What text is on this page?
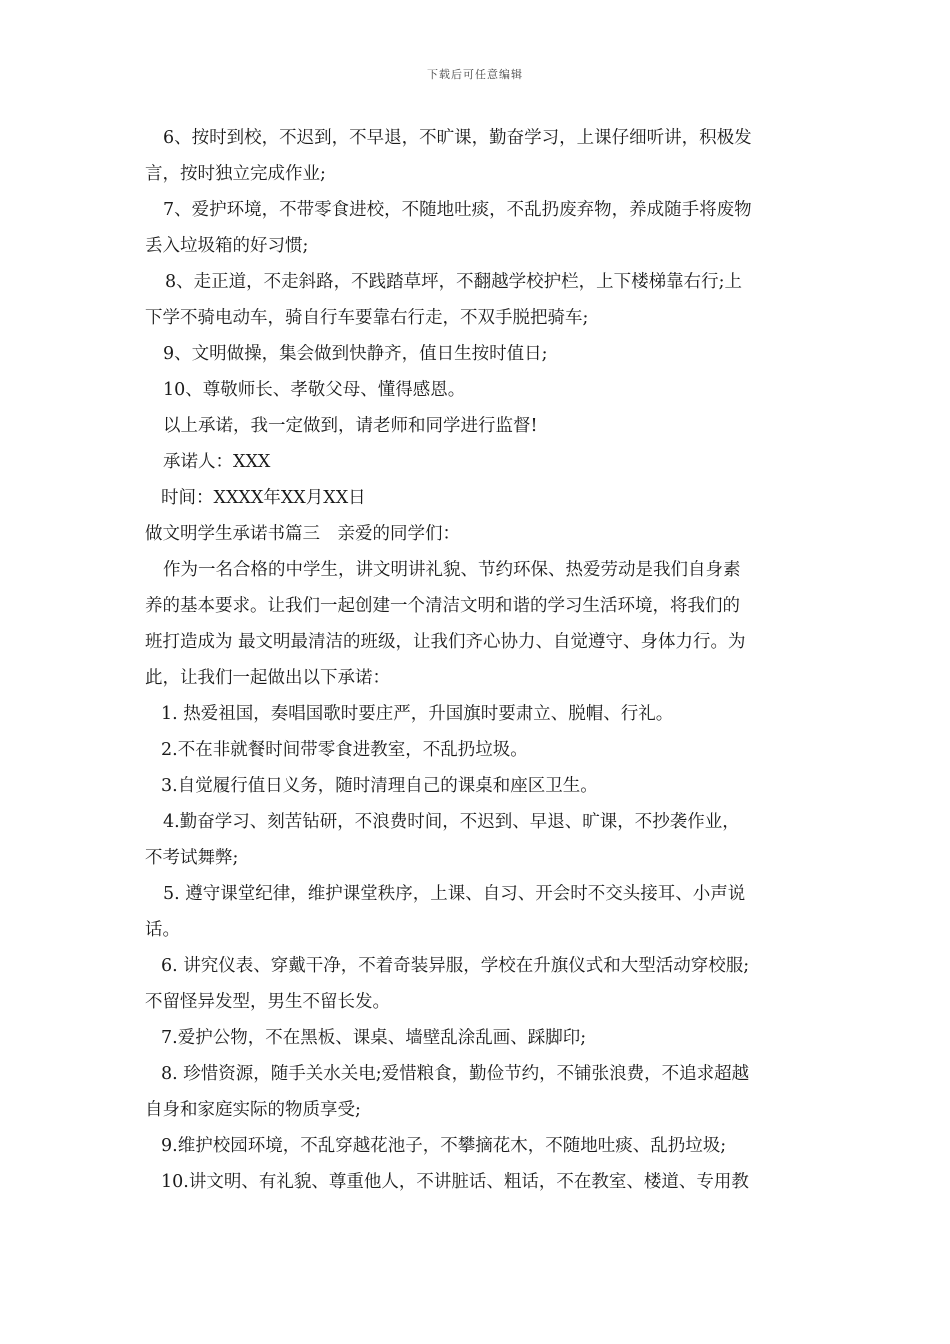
下载后可任意编辑
6、按时到校，不迟到，不早退，不旷课，勤奋学习，上课仔细听讲，积极发
言，按时独立完成作业;
7、爱护环境，不带零食进校，不随地吐痰，不乱扔废弃物，养成随手将废物
丢入垃圾箱的好习惯;
8、走正道，不走斜路，不践踏草坪，不翻越学校护栏，上下楼梯靠右行;上
下学不骑电动车，骑自行车要靠右行走，不双手脱把骑车;
9、文明做操，集会做到快静齐，值日生按时值日;
10、尊敬师长、孝敬父母、懂得感恩。
以上承诺，我一定做到，请老师和同学进行监督!
承诺人：XXX
时间：XXXX年XX月XX日
做文明学生承诺书篇三　亲爱的同学们：
作为一名合格的中学生，讲文明讲礼貌、节约环保、热爱劳动是我们自身素
养的基本要求。让我们一起创建一个清洁文明和谐的学习生活环境，将我们的
班打造成为 最文明最清洁的班级，让我们齐心协力、自觉遵守、身体力行。为
此，让我们一起做出以下承诺：
1. 热爱祖国，奏唱国歌时要庄严，升国旗时要肃立、脱帽、行礼。
2.不在非就餐时间带零食进教室，不乱扔垃圾。
3.自觉履行值日义务，随时清理自己的课桌和座区卫生。
4.勤奋学习、刻苦钻研，不浪费时间，不迟到、早退、旷课，不抄袭作业，
不考试舞弊;
5. 遵守课堂纪律，维护课堂秩序，上课、自习、开会时不交头接耳、小声说
话。
6. 讲究仪表、穿戴干净，不着奇装异服，学校在升旗仪式和大型活动穿校服;
不留怪异发型，男生不留长发。
7.爱护公物，不在黑板、课桌、墙壁乱涂乱画、踩脚印;
8. 珍惜资源，随手关水关电;爱惜粮食，勤俭节约，不铺张浪费，不追求超越
自身和家庭实际的物质享受;
9.维护校园环境，不乱穿越花池子，不攀摘花木，不随地吐痰、乱扔垃圾;
10.讲文明、有礼貌、尊重他人，不讲脏话、粗话，不在教室、楼道、专用教
